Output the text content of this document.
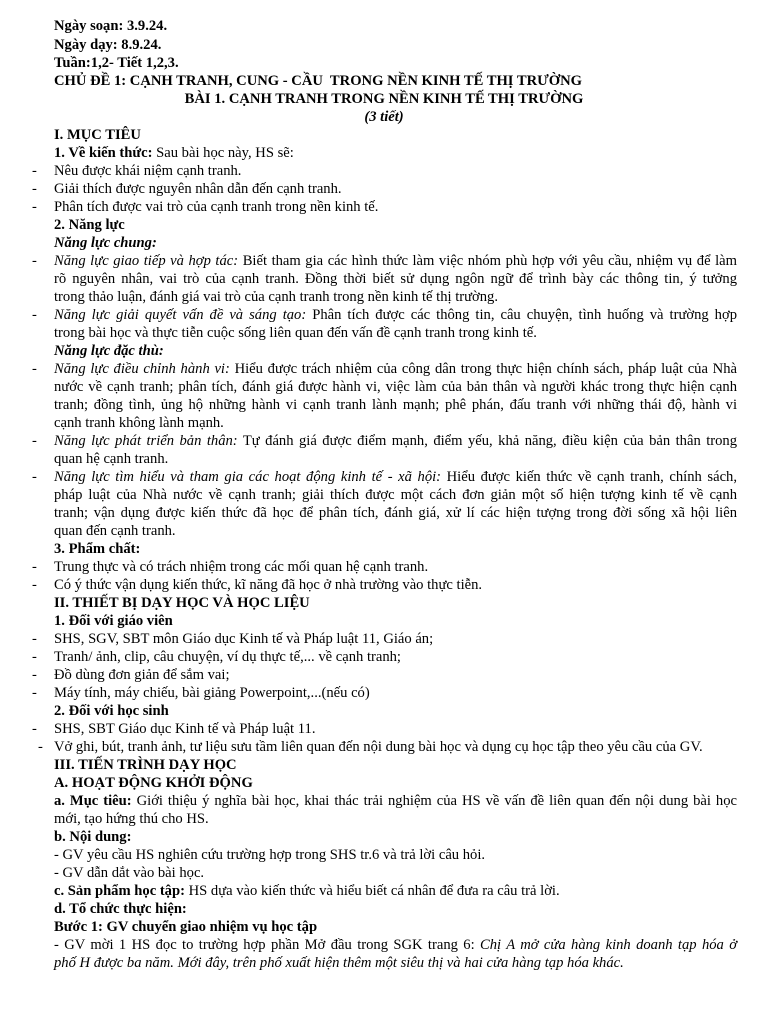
Ngày soạn: 3.9.24.
Ngày dạy: 8.9.24.
Tuần:1,2- Tiết 1,2,3.
CHỦ ĐỀ 1: CẠNH TRANH, CUNG - CẦU  TRONG NỀN KINH TẾ THỊ TRƯỜNG
BÀI 1. CẠNH TRANH TRONG NỀN KINH TẾ THỊ TRƯỜNG
(3 tiết)
I. MỤC TIÊU
1. Về kiến thức: Sau bài học này, HS sẽ:
- Nêu được khái niệm cạnh tranh.
- Giải thích được nguyên nhân dẫn đến cạnh tranh.
- Phân tích được vai trò của cạnh tranh trong nền kinh tế.
2. Năng lực
Năng lực chung:
- Năng lực giao tiếp và hợp tác: Biết tham gia các hình thức làm việc nhóm phù hợp với yêu cầu, nhiệm vụ để làm
rõ nguyên nhân, vai trò của cạnh tranh. Đồng thời biết sử dụng ngôn ngữ để trình bày các thông tin, ý tưởng
trong thảo luận, đánh giá vai trò của cạnh tranh trong nền kinh tế thị trường.
- Năng lực giải quyết vấn đề và sáng tạo: Phân tích được các thông tin, câu chuyện, tình huống và trường hợp
trong bài học và thực tiễn cuộc sống liên quan đến vấn đề cạnh tranh trong kinh tế.
Năng lực đặc thù:
- Năng lực điều chỉnh hành vi: Hiểu được trách nhiệm của công dân trong thực hiện chính sách, pháp luật của Nhà
nước về cạnh tranh; phân tích, đánh giá được hành vi, việc làm của bản thân và người khác trong thực hiện cạnh
tranh; đồng tình, ủng hộ những hành vi cạnh tranh lành mạnh; phê phán, đấu tranh với những thái độ, hành vi
cạnh tranh không lành mạnh.
- Năng lực phát triển bản thân: Tự đánh giá được điểm mạnh, điểm yếu, khả năng, điều kiện của bản thân trong
quan hệ cạnh tranh.
- Năng lực tìm hiểu và tham gia các hoạt động kinh tế - xã hội: Hiểu được kiến thức về cạnh tranh, chính sách,
pháp luật của Nhà nước về cạnh tranh; giải thích được một cách đơn giản một số hiện tượng kinh tế về cạnh
tranh; vận dụng được kiến thức đã học để phân tích, đánh giá, xử lí các hiện tượng trong đời sống xã hội liên
quan đến cạnh tranh.
3. Phẩm chất:
- Trung thực và có trách nhiệm trong các mối quan hệ cạnh tranh.
- Có ý thức vận dụng kiến thức, kĩ năng đã học ở nhà trường vào thực tiễn.
II. THIẾT BỊ DẠY HỌC VÀ HỌC LIỆU
1. Đối với giáo viên
- SHS, SGV, SBT môn Giáo dục Kinh tế và Pháp luật 11, Giáo án;
- Tranh/ ảnh, clip, câu chuyện, ví dụ thực tế,... về cạnh tranh;
- Đồ dùng đơn giản để sắm vai;
- Máy tính, máy chiếu, bài giảng Powerpoint,...(nếu có)
2. Đối với học sinh
- SHS, SBT Giáo dục Kinh tế và Pháp luật 11.
- Vở ghi, bút, tranh ảnh, tư liệu sưu tầm liên quan đến nội dung bài học và dụng cụ học tập theo yêu cầu của GV.
III. TIẾN TRÌNH DẠY HỌC
A. HOẠT ĐỘNG KHỞI ĐỘNG
a. Mục tiêu: Giới thiệu ý nghĩa bài học, khai thác trải nghiệm của HS về vấn đề liên quan đến nội dung bài học
mới, tạo hứng thú cho HS.
b. Nội dung:
- GV yêu cầu HS nghiên cứu trường hợp trong SHS tr.6 và trả lời câu hỏi.
- GV dẫn dắt vào bài học.
c. Sản phẩm học tập: HS dựa vào kiến thức và hiểu biết cá nhân để đưa ra câu trả lời.
d. Tổ chức thực hiện:
Bước 1: GV chuyển giao nhiệm vụ học tập
- GV mời 1 HS đọc to trường hợp phần Mở đầu trong SGK trang 6: Chị A mở cửa hàng kinh doanh tạp hóa ở
phố H được ba năm. Mới đây, trên phố xuất hiện thêm một siêu thị và hai cửa hàng tạp hóa khác.
